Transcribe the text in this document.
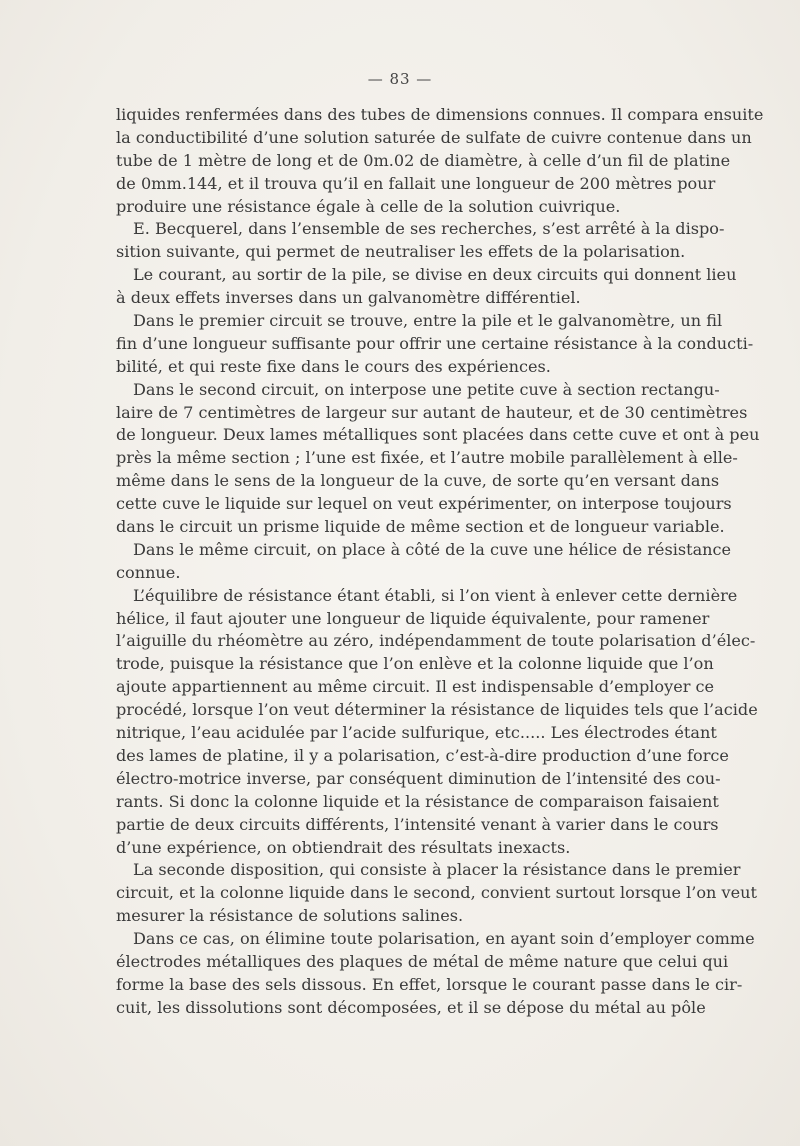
— 83 —
liquides renfermées dans des tubes de dimensions connues. Il compara ensuite
la conductibilité d’une solution saturée de sulfate de cuivre contenue dans un
tube de 1 mètre de long et de 0m.02 de diamètre, à celle d’un fil de platine
de 0mm.144, et il trouva qu’il en fallait une longueur de 200 mètres pour
produire une résistance égale à celle de la solution cuivrique.
E. Becquerel, dans l’ensemble de ses recherches, s’est arrêté à la dispo-
sition suivante, qui permet de neutraliser les effets de la polarisation.
Le courant, au sortir de la pile, se divise en deux circuits qui donnent lieu
à deux effets inverses dans un galvanomètre différentiel.
Dans le premier circuit se trouve, entre la pile et le galvanomètre, un fil
fin d’une longueur suffisante pour offrir une certaine résistance à la conducti-
bilité, et qui reste fixe dans le cours des expériences.
Dans le second circuit, on interpose une petite cuve à section rectangu-
laire de 7 centimètres de largeur sur autant de hauteur, et de 30 centimètres
de longueur. Deux lames métalliques sont placées dans cette cuve et ont à peu
près la même section ; l’une est fixée, et l’autre mobile parallèlement à elle-
même dans le sens de la longueur de la cuve, de sorte qu’en versant dans
cette cuve le liquide sur lequel on veut expérimenter, on interpose toujours
dans le circuit un prisme liquide de même section et de longueur variable.
Dans le même circuit, on place à côté de la cuve une hélice de résistance
connue.
L’équilibre de résistance étant établi, si l’on vient à enlever cette dernière
hélice, il faut ajouter une longueur de liquide équivalente, pour ramener
l’aiguille du rhéomètre au zéro, indépendamment de toute polarisation d’élec-
trode, puisque la résistance que l’on enlève et la colonne liquide que l’on
ajoute appartiennent au même circuit. Il est indispensable d’employer ce
procédé, lorsque l’on veut déterminer la résistance de liquides tels que l’acide
nitrique, l’eau acidulée par l’acide sulfurique, etc..... Les électrodes étant
des lames de platine, il y a polarisation, c’est-à-dire production d’une force
électro-motrice inverse, par conséquent diminution de l’intensité des cou-
rants. Si donc la colonne liquide et la résistance de comparaison faisaient
partie de deux circuits différents, l’intensité venant à varier dans le cours
d’une expérience, on obtiendrait des résultats inexacts.
La seconde disposition, qui consiste à placer la résistance dans le premier
circuit, et la colonne liquide dans le second, convient surtout lorsque l’on veut
mesurer la résistance de solutions salines.
Dans ce cas, on élimine toute polarisation, en ayant soin d’employer comme
électrodes métalliques des plaques de métal de même nature que celui qui
forme la base des sels dissous. En effet, lorsque le courant passe dans le cir-
cuit, les dissolutions sont décomposées, et il se dépose du métal au pôle
